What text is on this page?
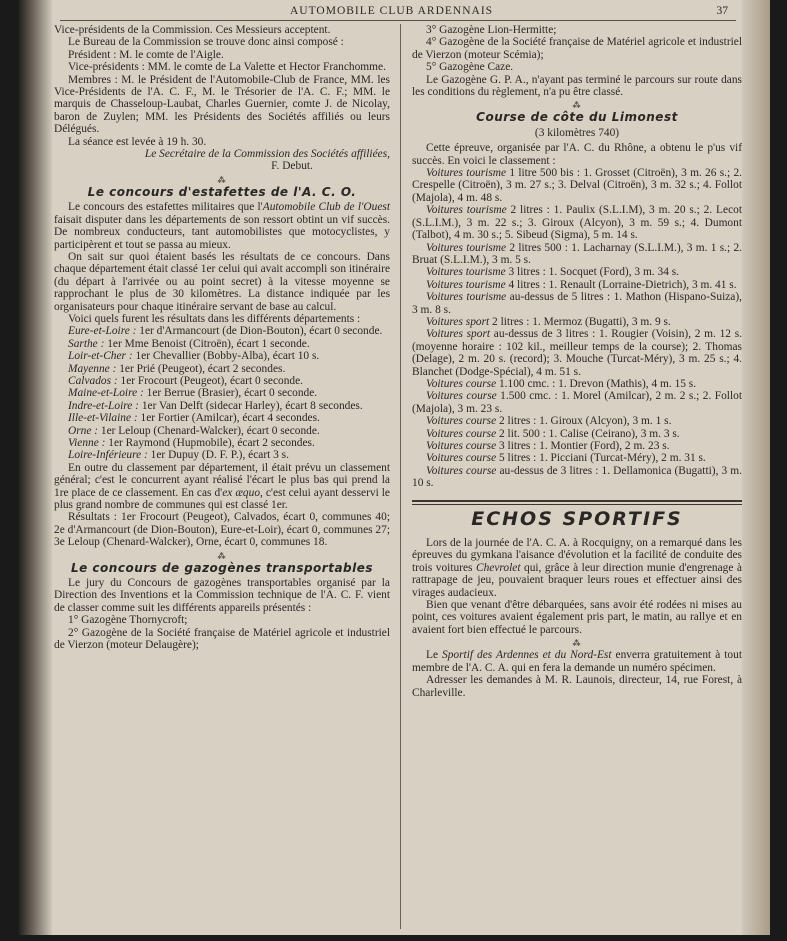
AUTOMOBILE CLUB ARDENNAIS	37

Vice-présidents de la Commission. Ces Messieurs acceptent.

Le Bureau de la Commission se trouve donc ainsi composé :

Président : M. le comte de l'Aigle.

Vice-présidents : MM. le comte de La Valette et Hector Franchomme.

Membres : M. le Président de l'Automobile-Club de France, MM. les Vice-Présidents de l'A. C. F., M. le Trésorier de l'A. C. F.; MM. le marquis de Chasseloup-Laubat, Charles Guernier, comte J. de Nicolay, baron de Zuylen; MM. les Présidents des Sociétés affiliés ou leurs Délégués.

La séance est levée à 19 h. 30.

Le Secrétaire de la Commission des Sociétés affiliées,

F. Debut.

⁂
Le concours d'estafettes de l'A. C. O.

Le concours des estafettes militaires que l'Automobile Club de l'Ouest faisait disputer dans les départements de son ressort obtint un vif succès. De nombreux conducteurs, tant automobilistes que motocyclistes, y participèrent et tout se passa au mieux.

On sait sur quoi étaient basés les résultats de ce concours. Dans chaque département était classé 1er celui qui avait accompli son itinéraire (du départ à l'arrivée ou au point secret) à la vitesse moyenne se rapprochant le plus de 30 kilomètres. La distance indiquée par les organisateurs pour chaque itinéraire servant de base au calcul.

Voici quels furent les résultats dans les différents départements :

Eure-et-Loire : 1er d'Armancourt (de Dion-Bouton), écart 0 seconde.

Sarthe : 1er Mme Benoist (Citroën), écart 1 seconde.

Loir-et-Cher : 1er Chevallier (Bobby-Alba), écart 10 s.

Mayenne : 1er Prié (Peugeot), écart 2 secondes.

Calvados : 1er Frocourt (Peugeot), écart 0 seconde.

Maine-et-Loire : 1er Berrue (Brasier), écart 0 seconde.

Indre-et-Loire : 1er Van Delft (sidecar Harley), écart 8 secondes.

Ille-et-Vilaine : 1er Fortier (Amilcar), écart 4 secondes.

Orne : 1er Leloup (Chenard-Walcker), écart 0 seconde.

Vienne : 1er Raymond (Hupmobile), écart 2 secondes.

Loire-Inférieure : 1er Dupuy (D. F. P.), écart 3 s.

En outre du classement par département, il était prévu un classement général; c'est le concurrent ayant réalisé l'écart le plus bas qui prend la 1re place de ce classement. En cas d'ex æquo, c'est celui ayant desservi le plus grand nombre de communes qui est classé 1er.

Résultats : 1er Frocourt (Peugeot), Calvados, écart 0, communes 40; 2e d'Armancourt (de Dion-Bouton), Eure-et-Loir), écart 0, communes 27; 3e Leloup (Chenard-Walcker), Orne, écart 0, communes 18.

⁂
Le concours de gazogènes transportables

Le jury du Concours de gazogènes transportables organisé par la Direction des Inventions et la Commission technique de l'A. C. F. vient de classer comme suit les différents appareils présentés :

1° Gazogène Thornycroft;

2° Gazogène de la Société française de Matériel agricole et industriel de Vierzon (moteur Delaugère);

3° Gazogène Lion-Hermitte;

4° Gazogène de la Société française de Matériel agricole et industriel de Vierzon (moteur Scémia);

5° Gazogène Caze.

Le Gazogène G. P. A., n'ayant pas terminé le parcours sur route dans les conditions du règlement, n'a pu être classé.

⁂
Course de côte du Limonest

(3 kilomètres 740)

Cette épreuve, organisée par l'A. C. du Rhône, a obtenu le p'us vif succès. En voici le classement :

Voitures tourisme 1 litre 500 bis : 1. Grosset (Citroën), 3 m. 26 s.; 2. Crespelle (Citroën), 3 m. 27 s.; 3. Delval (Citroën), 3 m. 32 s.; 4. Follot (Majola), 4 m. 48 s.

Voitures tourisme 2 litres : 1. Paulix (S.L.I.M), 3 m. 20 s.; 2. Lecot (S.L.I.M.), 3 m. 22 s.; 3. Giroux (Alcyon), 3 m. 59 s.; 4. Dumont (Talbot), 4 m. 30 s.; 5. Sibeud (Sigma), 5 m. 14 s.

Voitures tourisme 2 litres 500 : 1. Lacharnay (S.L.I.M.), 3 m. 1 s.; 2. Bruat (S.L.I.M.), 3 m. 5 s.

Voitures tourisme 3 litres : 1. Socquet (Ford), 3 m. 34 s.

Voitures tourisme 4 litres : 1. Renault (Lorraine-Dietrich), 3 m. 41 s.

Voitures tourisme au-dessus de 5 litres : 1. Mathon (Hispano-Suiza), 3 m. 8 s.

Voitures sport 2 litres : 1. Mermoz (Bugatti), 3 m. 9 s.

Voitures sport au-dessus de 3 litres : 1. Rougier (Voisin), 2 m. 12 s. (moyenne horaire : 102 kil., meilleur temps de la course); 2. Thomas (Delage), 2 m. 20 s. (record); 3. Mouche (Turcat-Méry), 3 m. 25 s.; 4. Blanchet (Dodge-Spécial), 4 m. 51 s.

Voitures course 1.100 cmc. : 1. Drevon (Mathis), 4 m. 15 s.

Voitures course 1.500 cmc. : 1. Morel (Amilcar), 2 m. 2 s.; 2. Follot (Majola), 3 m. 23 s.

Voitures course 2 litres : 1. Giroux (Alcyon), 3 m. 1 s.

Voitures course 2 lit. 500 : 1. Calise (Ceirano), 3 m. 3 s.

Voitures course 3 litres : 1. Montier (Ford), 2 m. 23 s.

Voitures course 5 litres : 1. Picciani (Turcat-Méry), 2 m. 31 s.

Voitures course au-dessus de 3 litres : 1. Dellamonica (Bugatti), 3 m. 10 s.

ECHOS SPORTIFS

Lors de la journée de l'A. C. A. à Rocquigny, on a remarqué dans les épreuves du gymkana l'aisance d'évolution et la facilité de conduite des trois voitures Chevrolet qui, grâce à leur direction munie d'engrenage à rattrapage de jeu, pouvaient braquer leurs roues et effectuer ainsi des virages audacieux.

Bien que venant d'être débarquées, sans avoir été rodées ni mises au point, ces voitures avaient également pris part, le matin, au rallye et en avaient fort bien effectué le parcours.

⁂

Le Sportif des Ardennes et du Nord-Est enverra gratuitement à tout membre de l'A. C. A. qui en fera la demande un numéro spécimen.

Adresser les demandes à M. R. Launois, directeur, 14, rue Forest, à Charleville.
